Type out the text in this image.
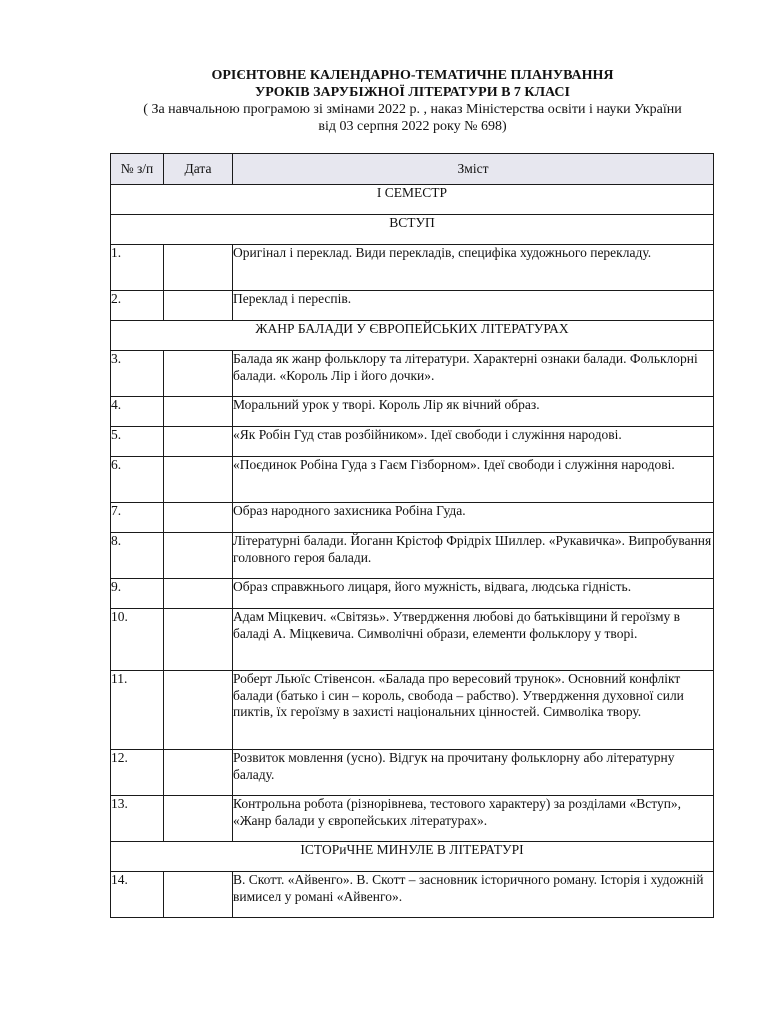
ОРІЄНТОВНЕ КАЛЕНДАРНО-ТЕМАТИЧНЕ ПЛАНУВАННЯ
УРОКІВ ЗАРУБІЖНОЇ ЛІТЕРАТУРИ В 7 КЛАСІ
( За навчальною програмою зі змінами 2022 р. , наказ Міністерства освіти і науки України
від 03 серпня 2022 року № 698)
№ з/п	Дата	Зміст
І СЕМЕСТР		
ВСТУП		
1.		Оригінал і переклад. Види перекладів, специфіка художнього перекладу.
2.		Переклад і переспів.
ЖАНР БАЛАДИ У ЄВРОПЕЙСЬКИХ ЛІТЕРАТУРАХ		
3.		Балада як жанр фольклору та літератури. Характерні ознаки балади. Фольклорні балади. «Король Лір і його дочки».
4.		Моральний урок у творі. Король Лір як вічний образ.
5.		«Як Робін Гуд став розбійником». Ідеї свободи і служіння народові.
6.		«Поєдинок Робіна Гуда з Гаєм Гізборном». Ідеї свободи і служіння народові.
7.		Образ народного захисника Робіна Гуда.
8.		Літературні балади. Йоганн Крістоф Фрідріх Шиллер. «Рукавичка». Випробування головного героя балади.
9.		Образ справжнього лицаря, його мужність, відвага, людська гідність.
10.		Адам Міцкевич. «Світязь». Утвердження любові до батьківщини й героїзму в баладі А. Міцкевича. Символічні образи, елементи фольклору у творі.
11.		Роберт Льюїс Стівенсон. «Балада про вересовий трунок». Основний конфлікт балади (батько і син – король, свобода – рабство). Утвердження духовної сили пиктів, їх героїзму в захисті національних цінностей. Символіка твору.
12.		Розвиток мовлення (усно). Відгук на прочитану фольклорну або літературну баладу.
13.		Контрольна робота (різнорівнева, тестового характеру) за розділами «Вступ», «Жанр балади у європейських літературах».
ІСТОРиЧНЕ МИНУЛЕ В ЛІТЕРАТУРІ		
14.		В. Скотт. «Айвенго». В. Скотт – засновник історичного роману. Історія і художній вимисел у романі «Айвенго».
